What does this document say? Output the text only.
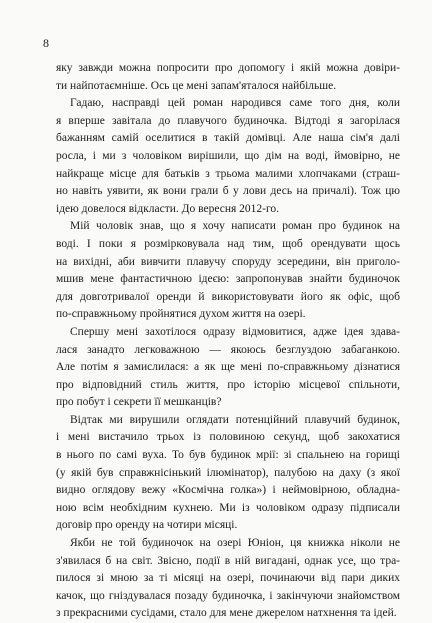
8
яку завжди можна попросити про допомогу і якій можна довіри-
ти найпотаємніше. Ось це мені запам'яталося найбільше.
Гадаю, насправді цей роман народився саме того дня, коли
я вперше завітала до плавучого будиночка. Відтоді я загорілася
бажанням самій оселитися в такій домівці. Але наша сім'я далі
росла, і ми з чоловіком вирішили, що дім на воді, ймовірно, не
найкраще місце для батьків з трьома малими хлопчаками (страш-
но навіть уявити, як вони грали б у лови десь на причалі). Тож цю
ідею довелося відкласти. До вересня 2012-го.
Мій чоловік знав, що я хочу написати роман про будинок на
воді. І поки я розмірковувала над тим, щоб орендувати щось
на вихідні, аби вивчити плавучу споруду зсередини, він приголо-
мшив мене фантастичною ідеєю: запропонував знайти будиночок
для довготривалої оренди й використовувати його як офіс, щоб
по-справжньому пройнятися духом життя на озері.
Спершу мені захотілося одразу відмовитися, адже ідея здава-
лася занадто легковажною — якоюсь безглуздою забаганкою.
Але потім я замислилася: а як ще мені по-справжньому дізнатися
про відповідний стиль життя, про історію місцевої спільноти,
про побут і секрети її мешканців?
Відтак ми вирушили оглядати потенційний плавучий будинок,
і мені вистачило трьох із половиною секунд, щоб закохатися
в нього по самі вуха. То був будинок мрії: зі спальнею на горищі
(у якій був справжнісінький ілюмінатор), палубою на даху (з якої
видно оглядову вежу «Космічна голка») і неймовірною, обладна-
ною всім необхідним кухнею. Ми із чоловіком одразу підписали
договір про оренду на чотири місяці.
Якби не той будиночок на озері Юніон, ця книжка ніколи не
з'явилася б на світ. Звісно, події в ній вигадані, однак усе, що тра-
пилося зі мною за ті місяці на озері, починаючи від пари диких
качок, що гніздувалася позаду будиночка, і закінчуючи знайомством
з прекрасними сусідами, стало для мене джерелом натхнення та ідей.
